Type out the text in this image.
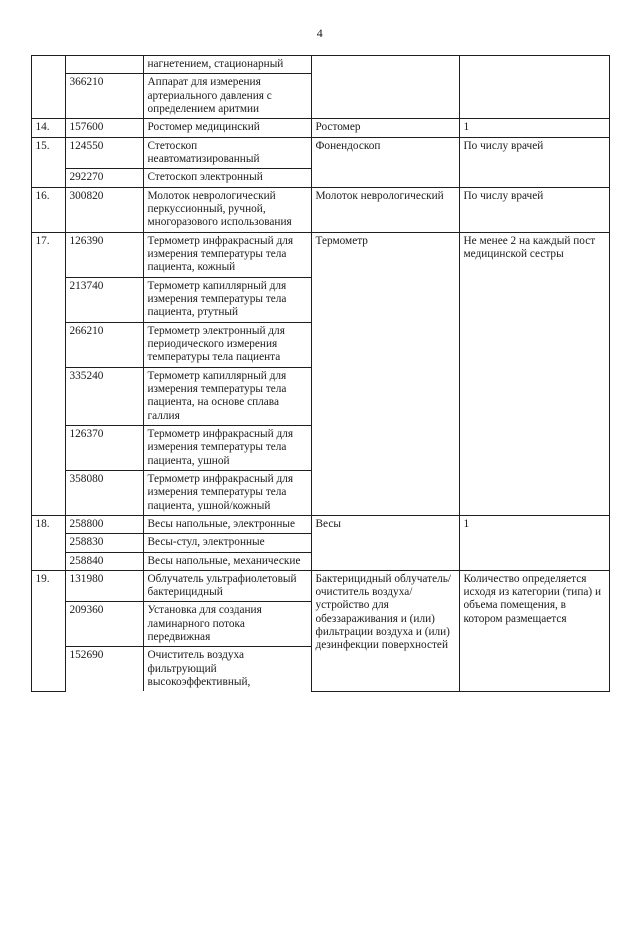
4
		нагнетением, стационарный		
	366210	Аппарат для измерения артериального давления с определением аритмии		
14.	157600	Ростомер медицинский	Ростомер	1
15.	124550	Стетоскоп неавтоматизированный	Фонендоскоп	По числу врачей
	292270	Стетоскоп электронный		
16.	300820	Молоток неврологический перкуссионный, ручной, многоразового использования	Молоток неврологический	По числу врачей
17.	126390	Термометр инфракрасный для измерения температуры тела пациента, кожный	Термометр	Не менее 2 на каждый пост медицинской сестры
	213740	Термометр капиллярный для измерения температуры тела пациента, ртутный		
	266210	Термометр электронный для периодического измерения температуры тела пациента		
	335240	Термометр капиллярный для измерения температуры тела пациента, на основе сплава галлия		
	126370	Термометр инфракрасный для измерения температуры тела пациента, ушной		
	358080	Термометр инфракрасный для измерения температуры тела пациента, ушной/кожный		
18.	258800	Весы напольные, электронные	Весы	1
	258830	Весы-стул, электронные		
	258840	Весы напольные, механические		
19.	131980	Облучатель ультрафиолетовый бактерицидный	Бактерицидный облучатель/ очиститель воздуха/ устройство для обеззараживания и (или) фильтрации воздуха и (или) дезинфекции поверхностей	Количество определяется исходя из категории (типа) и объема помещения, в котором размещается
	209360	Установка для создания ламинарного потока передвижная		
	152690	Очиститель воздуха фильтрующий высокоэффективный,		
